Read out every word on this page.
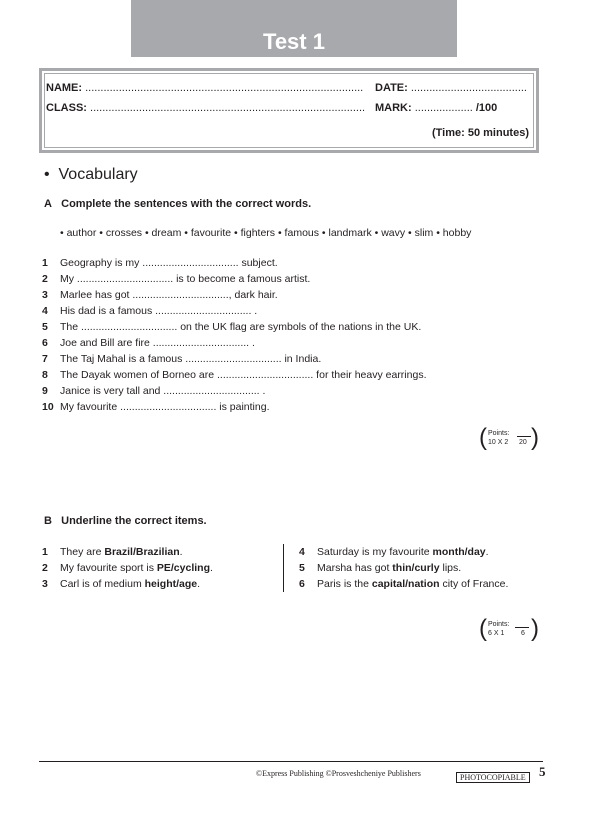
Test 1
NAME: ........................................................................................... DATE: ......................................
CLASS: .......................................................................................... MARK: ................... /100
(Time: 50 minutes)
•  Vocabulary
A Complete the sentences with the correct words.
• author • crosses • dream • favourite • fighters • famous • landmark • wavy • slim • hobby
1 Geography is my ................................. subject.
2 My ................................. is to become a famous artist.
3 Marlee has got ................................., dark hair.
4 His dad is a famous ................................. .
5 The ................................. on the UK flag are symbols of the nations in the UK.
6 Joe and Bill are fire ................................. .
7 The Taj Mahal is a famous ................................. in India.
8 The Dayak women of Borneo are ................................. for their heavy earrings.
9 Janice is very tall and ................................. .
10 My favourite ................................. is painting.
( )
Points:
10 X 2 20
B Underline the correct items.
1 They are Brazil/Brazilian.
2 My favourite sport is PE/cycling.
3 Carl is of medium height/age.
4 Saturday is my favourite month/day.
5 Marsha has got thin/curly lips.
6 Paris is the capital/nation city of France.
( )
Points:
6 X 1 6
©Express Publishing ©Prosveshcheniye Publishers	PHOTOCOPIABLE	5
